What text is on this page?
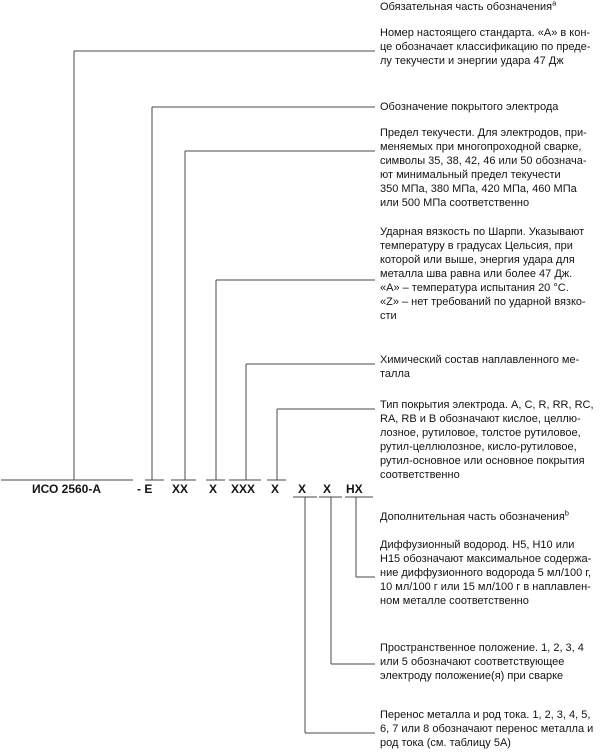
ИСО 2560-А	- Е ХХ Х ХХХ Х Х Х НХ
Обязательная часть обозначения$^a$
Номер настоящего стандарта. «А» в кон-
це обозначает классификацию по преде-
лу текучести и энергии удара 47 Дж
Обозначение покрытого электрода
Предел текучести. Для электродов, при-
меняемых при многопроходной сварке,
символы 35, 38, 42, 46 или 50 обознача-
ют минимальный предел текучести
350 МПа, 380 МПа, 420 МПа, 460 МПа
или 500 МПа соответственно
Ударная вязкость по Шарпи. Указывают
температуру в градусах Цельсия, при
которой или выше, энергия удара для
металла шва равна или более 47 Дж.
«А» – температура испытания 20 °С.
«Z» – нет требований по ударной вязко-
сти
Химический состав наплавленного ме-
талла
Тип покрытия электрода. А, С, R, RR, RC,
RA, RB и В обозначают кислое, целлю-
лозное, рутиловое, толстое рутиловое,
рутил-целлюлозное, кисло-рутиловое,
рутил-основное или основное покрытия
соответственно
Дополнительная часть обозначения$^b$
Диффузионный водород. Н5, Н10 или
Н15 обозначают максимальное содержа-
ние диффузионного водорода 5 мл/100 г,
10 мл/100 г или 15 мл/100 г в наплавлен-
ном металле соответственно
Пространственное положение. 1, 2, 3, 4
или 5 обозначают соответствующее
электроду положение(я) при сварке
Перенос металла и род тока. 1, 2, 3, 4, 5,
6, 7 или 8 обозначают перенос металла и
род тока (см. таблицу 5А)
